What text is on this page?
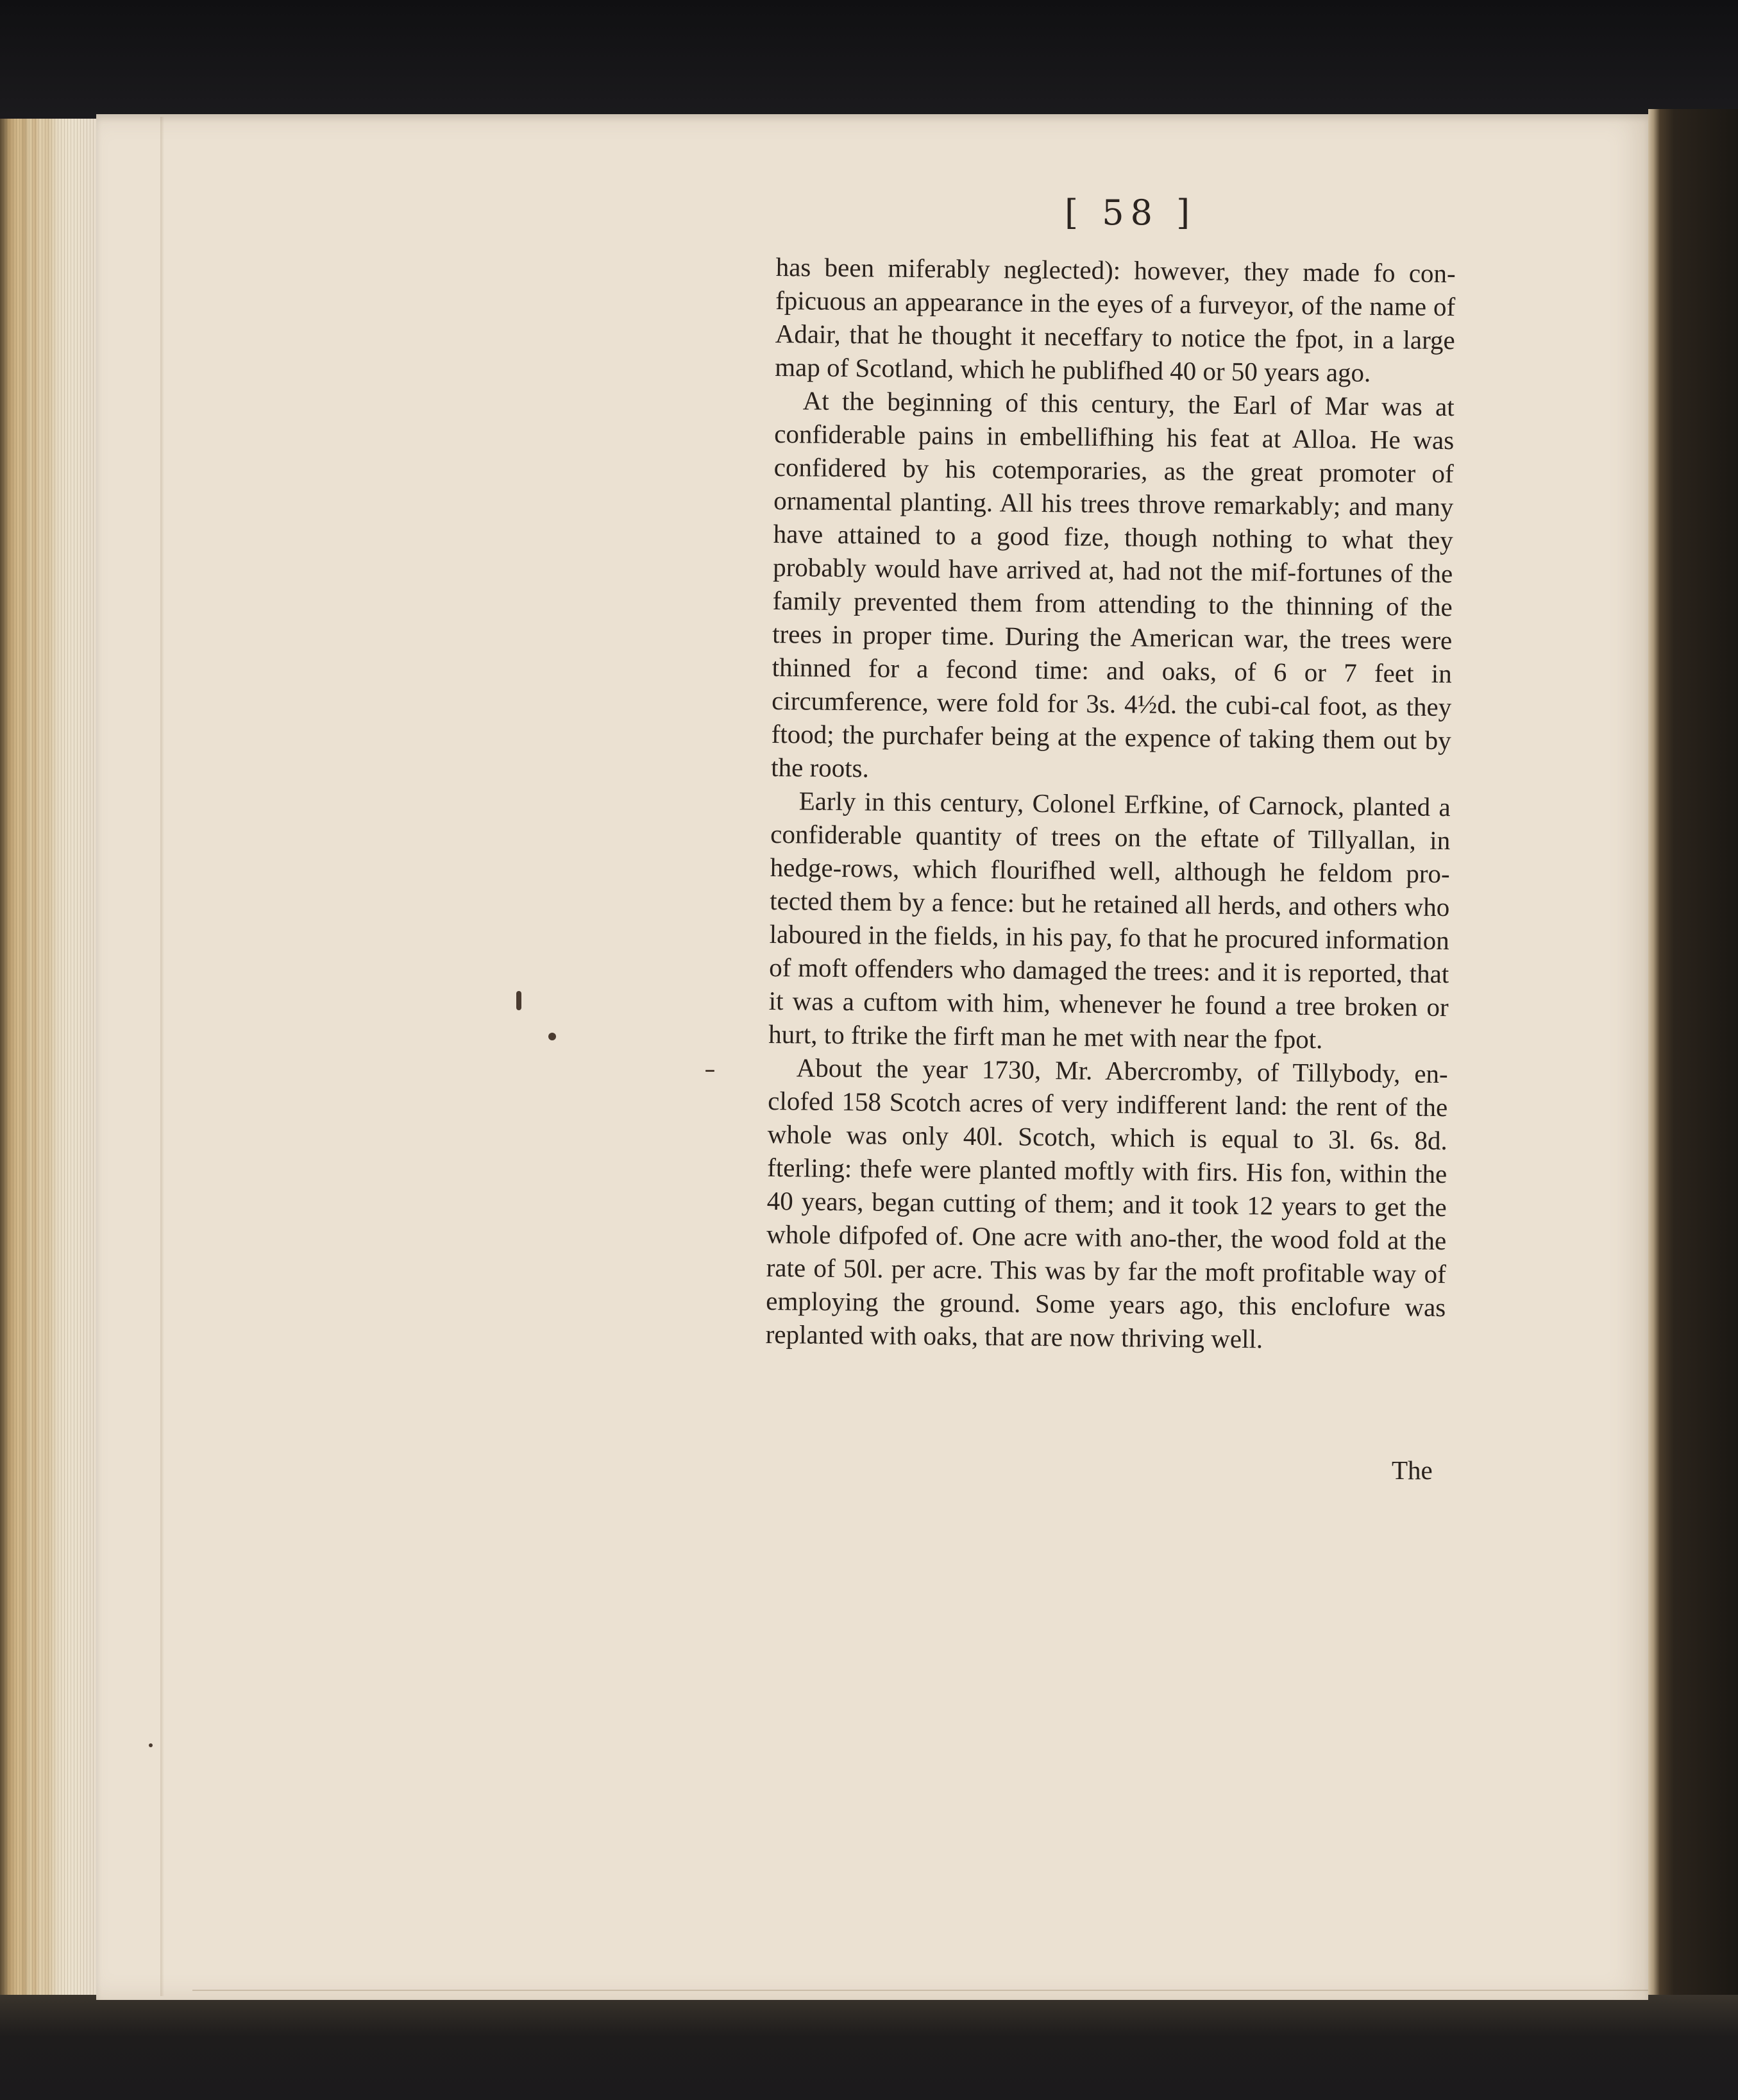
[ 58 ]

has been miferably neglected): however, they made fo con-fpicuous an appearance in the eyes of a furveyor, of the name of Adair, that he thought it neceffary to notice the fpot, in a large map of Scotland, which he publifhed 40 or 50 years ago.

At the beginning of this century, the Earl of Mar was at confiderable pains in embellifhing his feat at Alloa. He was confidered by his cotemporaries, as the great promoter of ornamental planting. All his trees throve remarkably; and many have attained to a good fize, though nothing to what they probably would have arrived at, had not the mif-fortunes of the family prevented them from attending to the thinning of the trees in proper time. During the American war, the trees were thinned for a fecond time: and oaks, of 6 or 7 feet in circumference, were fold for 3s. 4½d. the cubi-cal foot, as they ftood; the purchafer being at the expence of taking them out by the roots.

Early in this century, Colonel Erfkine, of Carnock, planted a confiderable quantity of trees on the eftate of Tillyallan, in hedge-rows, which flourifhed well, although he feldom pro-tected them by a fence: but he retained all herds, and others who laboured in the fields, in his pay, fo that he procured information of moft offenders who damaged the trees: and it is reported, that it was a cuftom with him, whenever he found a tree broken or hurt, to ftrike the firft man he met with near the fpot.

About the year 1730, Mr. Abercromby, of Tillybody, en-clofed 158 Scotch acres of very indifferent land: the rent of the whole was only 40l. Scotch, which is equal to 3l. 6s. 8d. fterling: thefe were planted moftly with firs. His fon, within the 40 years, began cutting of them; and it took 12 years to get the whole difpofed of. One acre with ano-ther, the wood fold at the rate of 50l. per acre. This was by far the moft profitable way of employing the ground. Some years ago, this enclofure was replanted with oaks, that are now thriving well.

The
